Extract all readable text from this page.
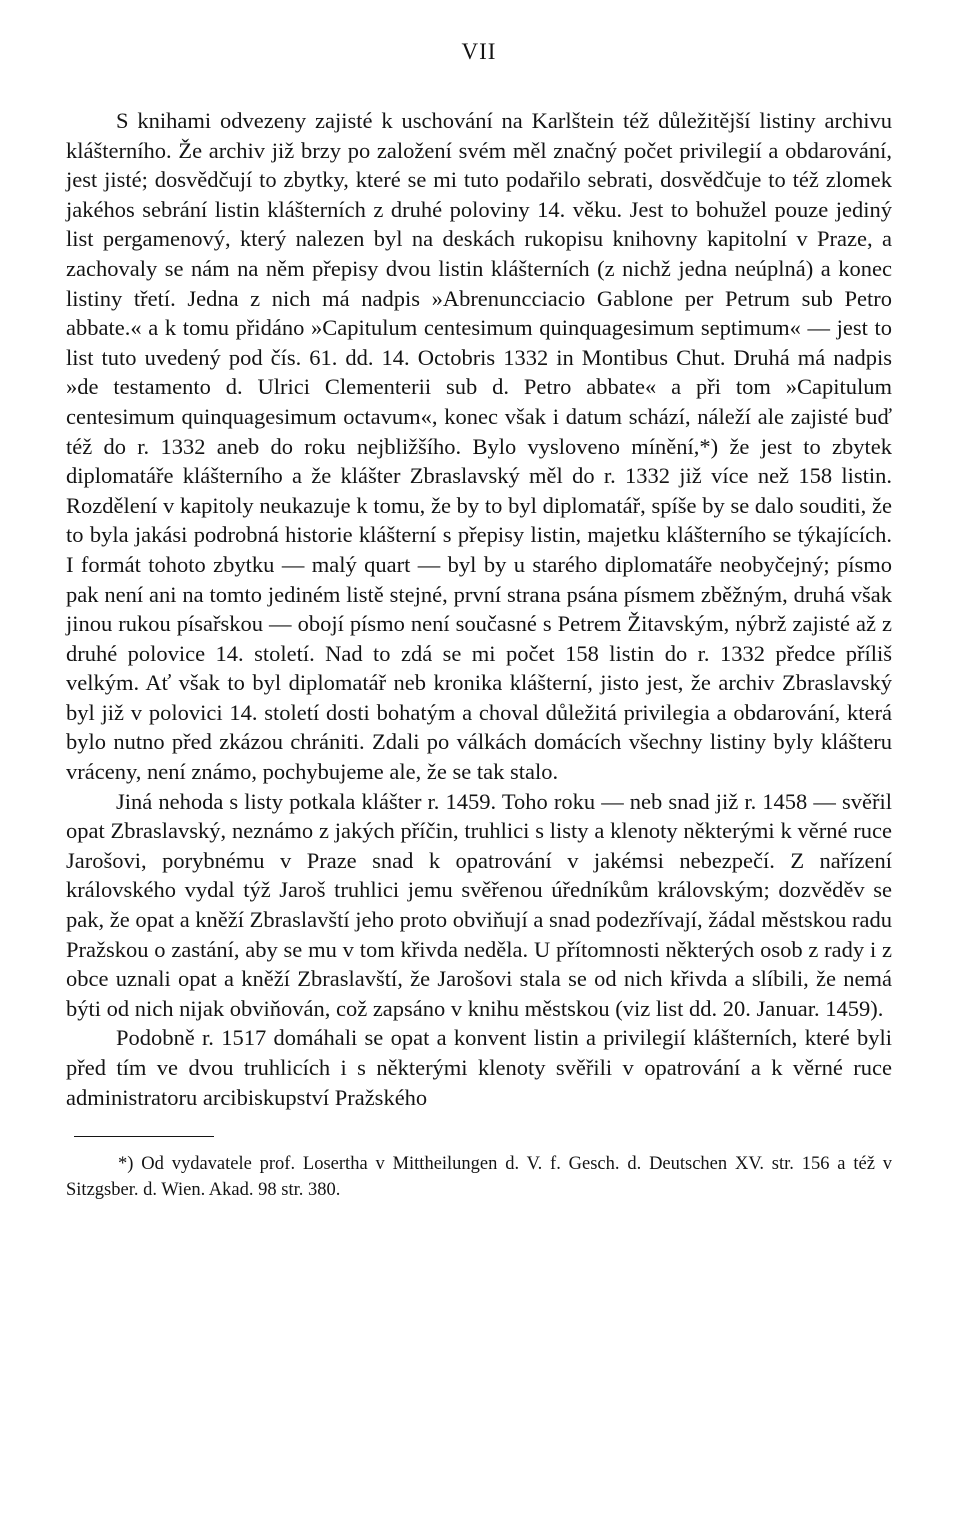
VII

S knihami odvezeny zajisté k uschování na Karlštein též důležitější listiny archivu klášterního. Že archiv již brzy po založení svém měl značný počet privilegií a obdarování, jest jisté; dosvědčují to zbytky, které se mi tuto podařilo sebrati, dosvědčuje to též zlomek jakéhos sebrání listin klášterních z druhé poloviny 14. věku. Jest to bohužel pouze jediný list pergamenový, který nalezen byl na deskách rukopisu knihovny kapitolní v Praze, a zachovaly se nám na něm přepisy dvou listin klášterních (z nichž jedna neúplná) a konec listiny třetí. Jedna z nich má nadpis »Abrenuncciacio Gablone per Petrum sub Petro abbate.« a k tomu přidáno »Capitulum centesimum quinquagesimum septimum« — jest to list tuto uvedený pod čís. 61. dd. 14. Octobris 1332 in Montibus Chut. Druhá má nadpis »de testamento d. Ulrici Clementerii sub d. Petro abbate« a při tom »Capitulum centesimum quinquagesimum octavum«, konec však i datum schází, náleží ale zajisté buď též do r. 1332 aneb do roku nejbližšího. Bylo vysloveno mínění,*) že jest to zbytek diplomatáře klášterního a že klášter Zbraslavský měl do r. 1332 již více než 158 listin. Rozdělení v kapitoly neukazuje k tomu, že by to byl diplomatář, spíše by se dalo souditi, že to byla jakási podrobná historie klášterní s přepisy listin, majetku klášterního se týkajících. I formát tohoto zbytku — malý quart — byl by u starého diplomatáře neobyčejný; písmo pak není ani na tomto jediném listě stejné, první strana psána písmem zběžným, druhá však jinou rukou písařskou — obojí písmo není současné s Petrem Žitavským, nýbrž zajisté až z druhé polovice 14. století. Nad to zdá se mi počet 158 listin do r. 1332 předce příliš velkým. Ať však to byl diplomatář neb kronika klášterní, jisto jest, že archiv Zbraslavský byl již v polovici 14. století dosti bohatým a choval důležitá privilegia a obdarování, která bylo nutno před zkázou chrániti. Zdali po válkách domácích všechny listiny byly klášteru vráceny, není známo, pochybujeme ale, že se tak stalo.

Jiná nehoda s listy potkala klášter r. 1459. Toho roku — neb snad již r. 1458 — svěřil opat Zbraslavský, neznámo z jakých příčin, truhlici s listy a klenoty některými k věrné ruce Jarošovi, porybnému v Praze snad k opatrování v jakémsi nebezpečí. Z nařízení královského vydal týž Jaroš truhlici jemu svěřenou úředníkům královským; dozvěděv se pak, že opat a kněží Zbraslavští jeho proto obviňují a snad podezřívají, žádal městskou radu Pražskou o zastání, aby se mu v tom křivda neděla. U přítomnosti některých osob z rady i z obce uznali opat a kněží Zbraslavští, že Jarošovi stala se od nich křivda a slíbili, že nemá býti od nich nijak obviňován, což zapsáno v knihu městskou (viz list dd. 20. Januar. 1459).

Podobně r. 1517 domáhali se opat a konvent listin a privilegií klášterních, které byli před tím ve dvou truhlicích i s některými klenoty svěřili v opatrování a k věrné ruce administratoru arcibiskupství Pražského

*) Od vydavatele prof. Losertha v Mittheilungen d. V. f. Gesch. d. Deutschen XV. str. 156 a též v Sitzgsber. d. Wien. Akad. 98 str. 380.
